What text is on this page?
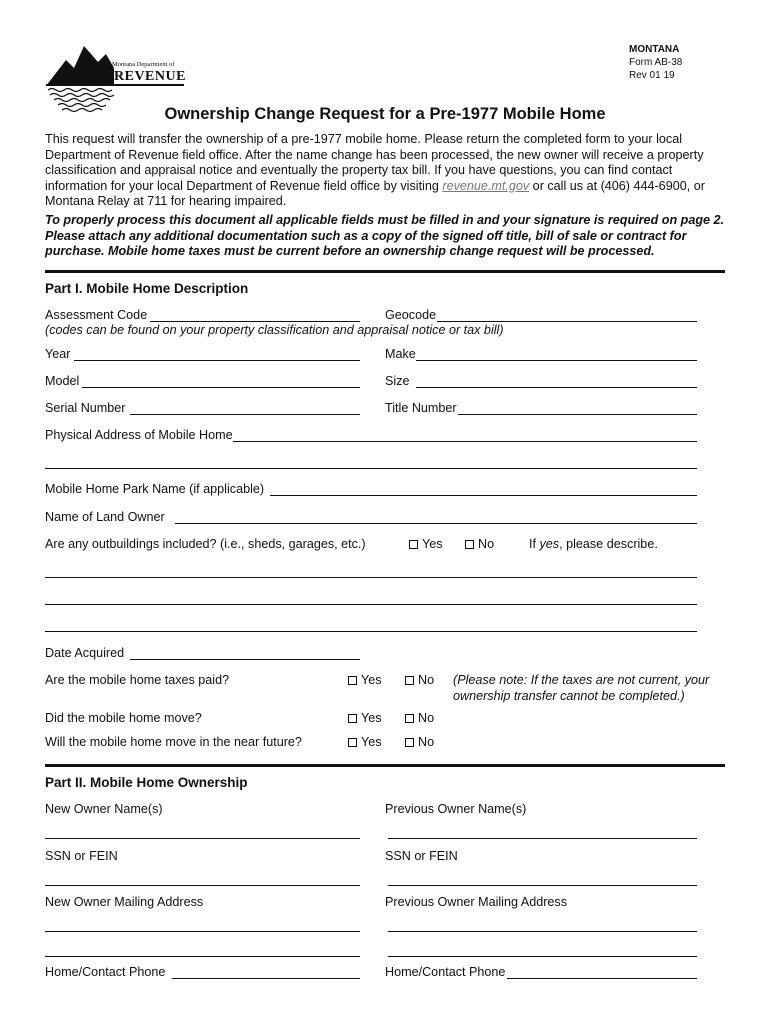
Montana Department of
REVENUE
MONTANA
Form AB-38
Rev 01 19
Ownership Change Request for a Pre-1977 Mobile Home

This request will transfer the ownership of a pre-1977 mobile home. Please return the completed form to your local Department of Revenue field office. After the name change has been processed, the new owner will receive a property classification and appraisal notice and eventually the property tax bill. If you have questions, you can find contact information for your local Department of Revenue field office by visiting revenue.mt.gov or call us at (406) 444-6900, or Montana Relay at 711 for hearing impaired.

To properly process this document all applicable fields must be filled in and your signature is required on page 2. Please attach any additional documentation such as a copy of the signed off title, bill of sale or contract for purchase. Mobile home taxes must be current before an ownership change request will be processed.

Part I. Mobile Home Description
Assessment Code	Geocode
(codes can be found on your property classification and appraisal notice or tax bill)
Year	Make
Model	Size
Serial Number	Title Number
Physical Address of Mobile Home
Mobile Home Park Name (if applicable)
Name of Land Owner
Are any outbuildings included? (i.e., sheds, garages, etc.)	Yes	No	If yes, please describe.
Date Acquired
Are the mobile home taxes paid?	Yes	No (Please note: If the taxes are not current, your ownership transfer cannot be completed.)
Did the mobile home move?	Yes	No
Will the mobile home move in the near future?	Yes	No
Part II. Mobile Home Ownership
New Owner Name(s)	Previous Owner Name(s)
SSN or FEIN	SSN or FEIN
New Owner Mailing Address	Previous Owner Mailing Address
Home/Contact Phone	Home/Contact Phone
